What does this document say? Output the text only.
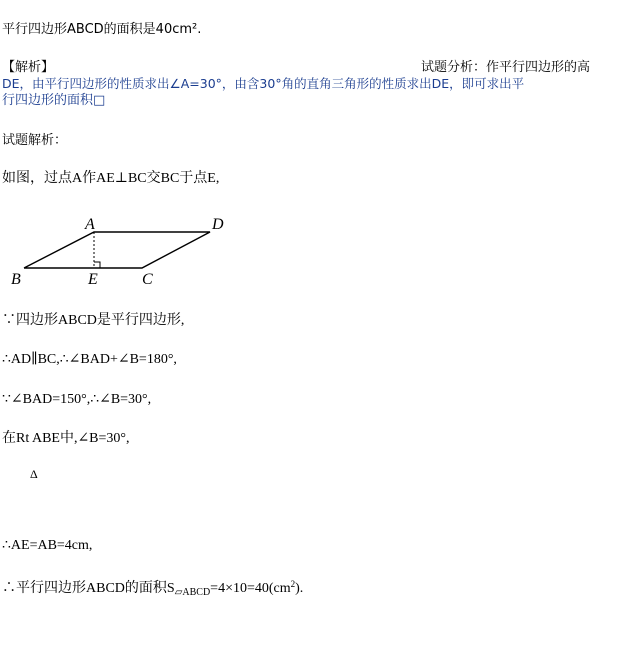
平行四边形ABCD的面积是40cm².
【解析】	试题分析：作平行四边形的高
DE，由平行四边形的性质求出∠A=30°，由含30°角的直角三角形的性质求出DE，即可求出平
行四边形的面积□
试题解析：
如图，过点A作AE⊥BC交BC于点E,
A	D
B	E	C
∵四边形ABCD是平行四边形,
∴AD∥BC,∴∠BAD+∠B=180°,
∵∠BAD=150°,∴∠B=30°,
在Rt ABE中,∠B=30°,
Δ
∴AE=AB=4cm,
∴平行四边形ABCD的面积$S_{▱ABCD}=4\times 10=40(cm^2)$.
